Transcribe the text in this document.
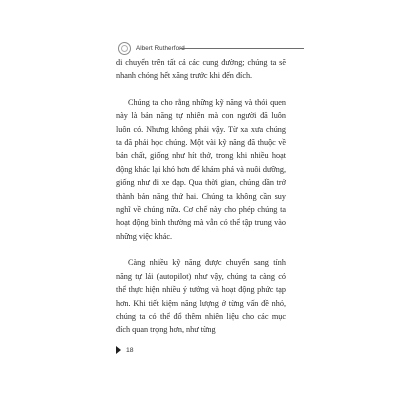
Albert Rutherford

di chuyển trên tất cả các cung đường; chúng ta sẽ nhanh chóng hết xăng trước khi đến đích.

Chúng ta cho rằng những kỹ năng và thói quen này là bản năng tự nhiên mà con người đã luôn luôn có. Nhưng không phải vậy. Từ xa xưa chúng ta đã phải học chúng. Một vài kỹ năng đã thuộc về bản chất, giống như hít thở, trong khi nhiều hoạt động khác lại khó hơn để khám phá và nuôi dưỡng, giống như đi xe đạp. Qua thời gian, chúng dần trở thành bản năng thứ hai. Chúng ta không cần suy nghĩ về chúng nữa. Cơ chế này cho phép chúng ta hoạt động bình thường mà vẫn có thể tập trung vào những việc khác.

Càng nhiều kỹ năng được chuyển sang tính năng tự lái (autopilot) như vậy, chúng ta càng có thể thực hiện nhiều ý tưởng và hoạt động phức tạp hơn. Khi tiết kiệm năng lượng ở từng vấn đề nhỏ, chúng ta có thể đổ thêm nhiên liệu cho các mục đích quan trọng hơn, như từng

18
